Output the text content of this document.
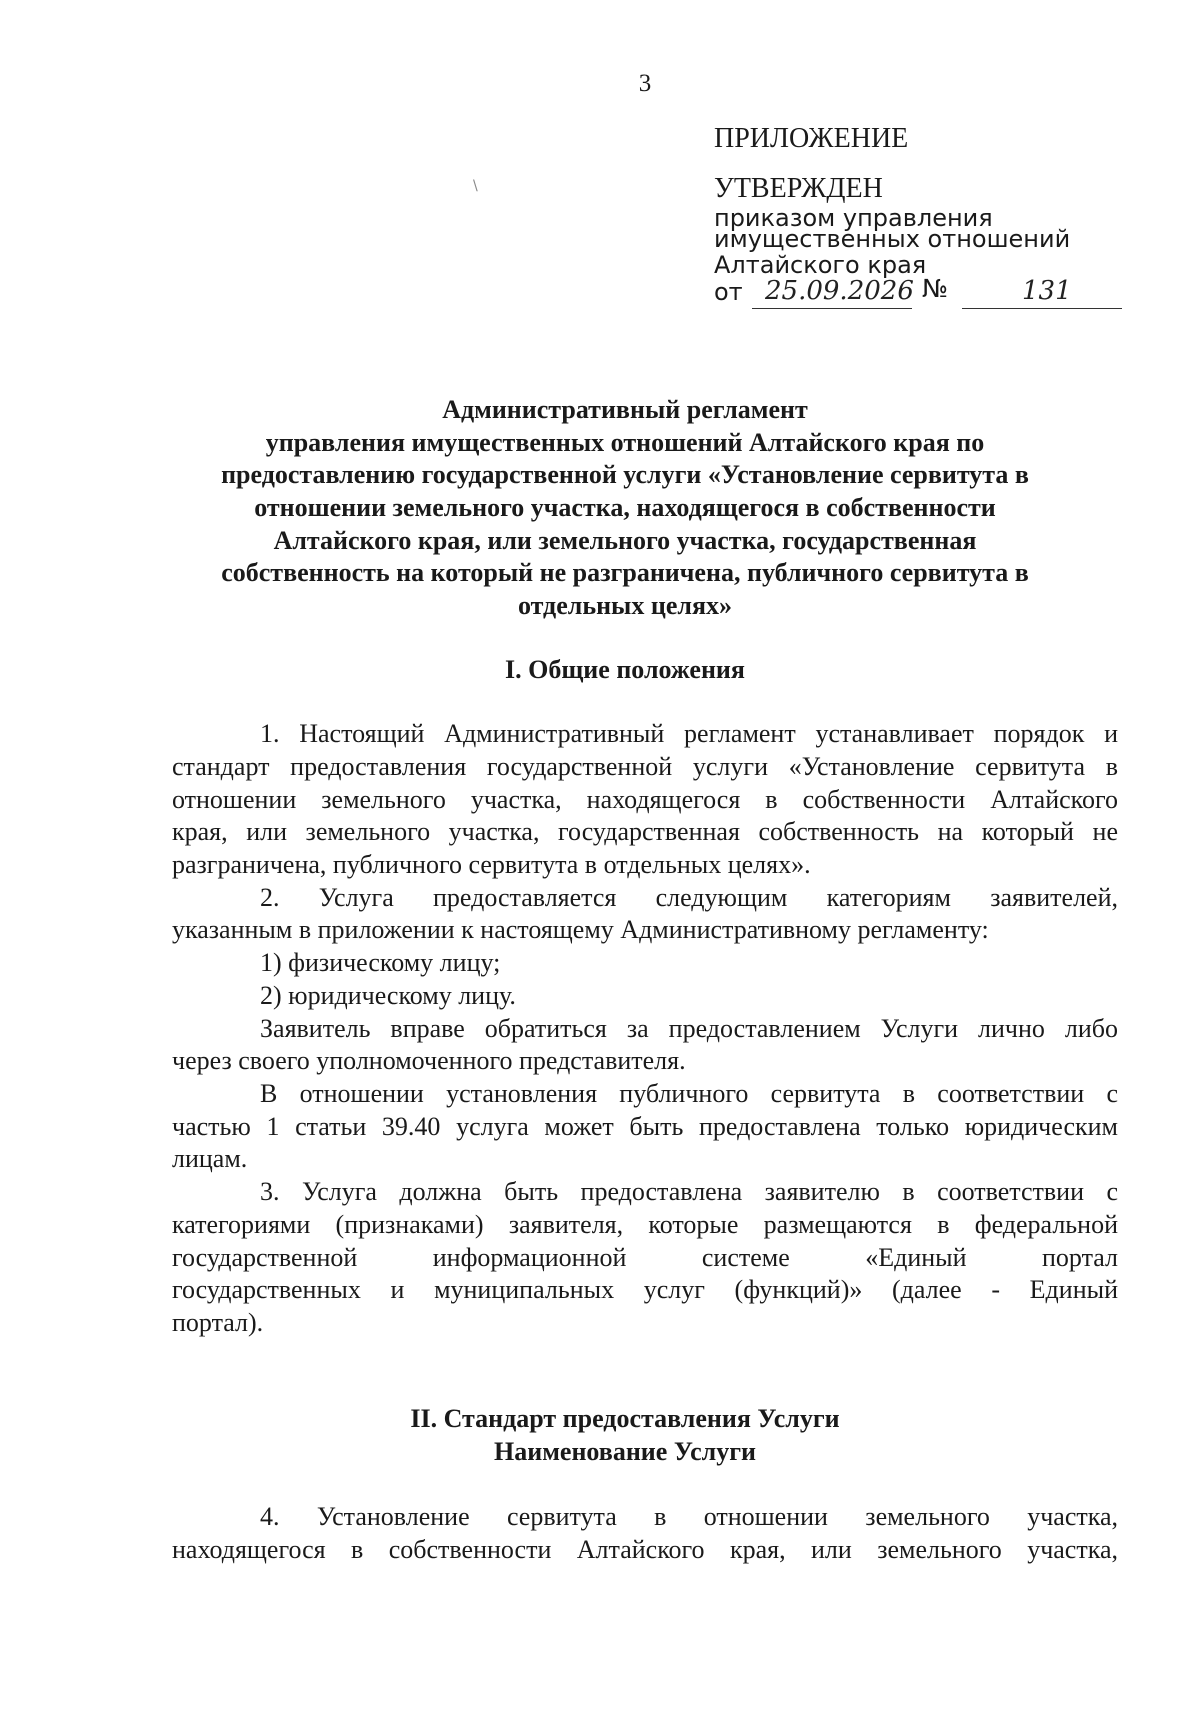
3
ПРИЛОЖЕНИЕ
УТВЕРЖДЕН
приказом управления
имущественных отношений
Алтайского края
от 25.09.2026 №	131
\
Административный регламент
управления имущественных отношений Алтайского края по
предоставлению государственной услуги «Установление сервитута в
отношении земельного участка, находящегося в собственности
Алтайского края, или земельного участка, государственная
собственность на который не разграничена, публичного сервитута в
отдельных целях»
I. Общие положения
1. Настоящий Административный регламент устанавливает порядок и
стандарт предоставления государственной услуги «Установление сервитута в
отношении земельного участка, находящегося в собственности Алтайского
края, или земельного участка, государственная собственность на который не
разграничена, публичного сервитута в отдельных целях».
2. Услуга предоставляется следующим категориям заявителей,
указанным в приложении к настоящему Административному регламенту:
1) физическому лицу;
2) юридическому лицу.
Заявитель вправе обратиться за предоставлением Услуги лично либо
через своего уполномоченного представителя.
В отношении установления публичного сервитута в соответствии с
частью 1 статьи 39.40 услуга может быть предоставлена только юридическим
лицам.
3. Услуга должна быть предоставлена заявителю в соответствии с
категориями (признаками) заявителя, которые размещаются в федеральной
государственной информационной системе «Единый портал
государственных и муниципальных услуг (функций)» (далее - Единый
портал).
II. Стандарт предоставления Услуги
Наименование Услуги
4. Установление сервитута в отношении земельного участка,
находящегося в собственности Алтайского края, или земельного участка,
